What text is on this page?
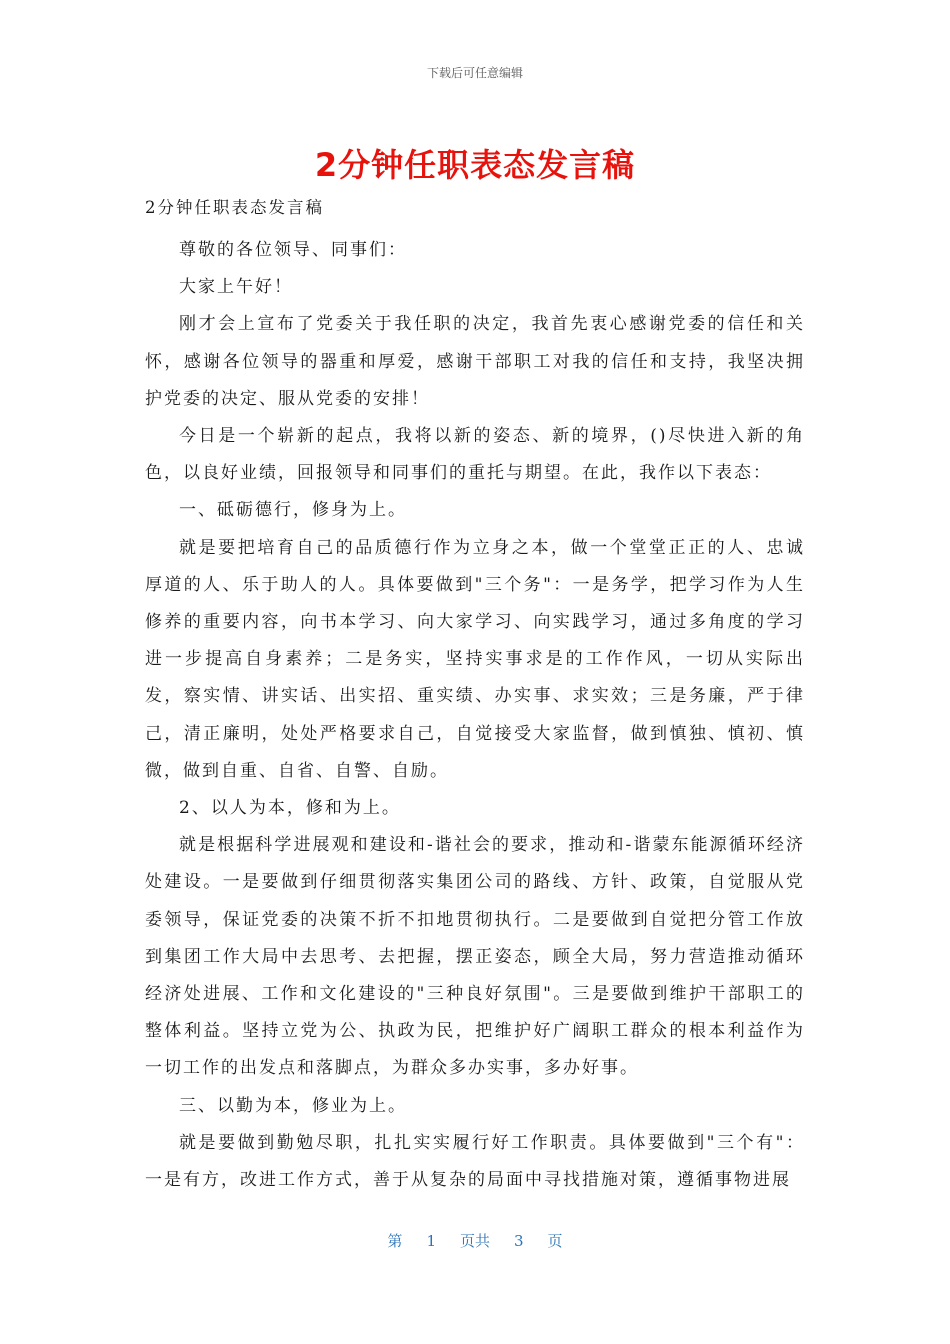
下载后可任意编辑
2分钟任职表态发言稿

2分钟任职表态发言稿

尊敬的各位领导、同事们：

大家上午好！

刚才会上宣布了党委关于我任职的决定，我首先衷心感谢党委的信任和关怀，感谢各位领导的器重和厚爱，感谢干部职工对我的信任和支持，我坚决拥护党委的决定、服从党委的安排！

今日是一个崭新的起点，我将以新的姿态、新的境界，()尽快进入新的角色，以良好业绩，回报领导和同事们的重托与期望。在此，我作以下表态：

一、砥砺德行，修身为上。

就是要把培育自己的品质德行作为立身之本，做一个堂堂正正的人、忠诚厚道的人、乐于助人的人。具体要做到"三个务"：一是务学，把学习作为人生修养的重要内容，向书本学习、向大家学习、向实践学习，通过多角度的学习进一步提高自身素养；二是务实，坚持实事求是的工作作风，一切从实际出发，察实情、讲实话、出实招、重实绩、办实事、求实效；三是务廉，严于律己，清正廉明，处处严格要求自己，自觉接受大家监督，做到慎独、慎初、慎微，做到自重、自省、自警、自励。

2、以人为本，修和为上。

就是根据科学进展观和建设和-谐社会的要求，推动和-谐蒙东能源循环经济处建设。一是要做到仔细贯彻落实集团公司的路线、方针、政策，自觉服从党委领导，保证党委的决策不折不扣地贯彻执行。二是要做到自觉把分管工作放到集团工作大局中去思考、去把握，摆正姿态，顾全大局，努力营造推动循环经济处进展、工作和文化建设的"三种良好氛围"。三是要做到维护干部职工的整体利益。坚持立党为公、执政为民，把维护好广阔职工群众的根本利益作为一切工作的出发点和落脚点，为群众多办实事，多办好事。

三、以勤为本，修业为上。

就是要做到勤勉尽职，扎扎实实履行好工作职责。具体要做到"三个有"：一是有方，改进工作方式，善于从复杂的局面中寻找措施对策，遵循事物进展

第 1 页共 3 页
